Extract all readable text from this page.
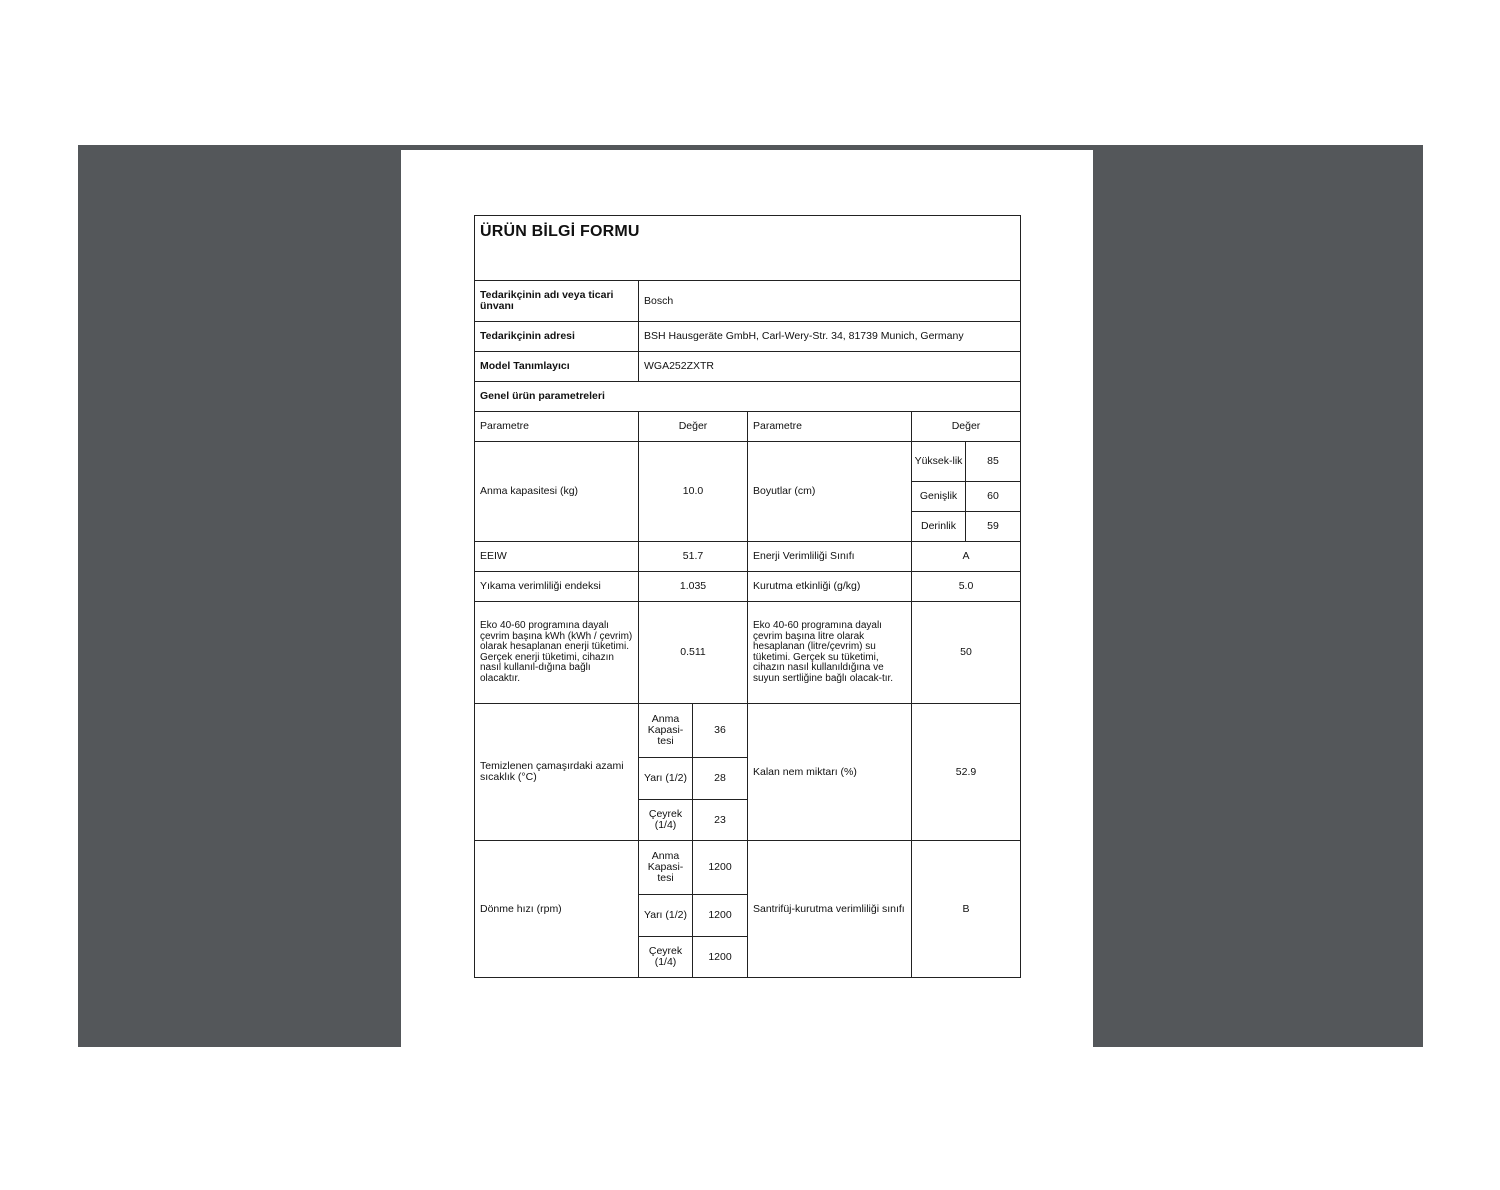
ÜRÜN BİLGİ FORMU					
Tedarikçinin adı veya ticari ünvanı	Bosch				
Tedarikçinin adresi	BSH Hausgeräte GmbH, Carl-Wery-Str. 34, 81739 Munich, Germany				
Model Tanımlayıcı	WGA252ZXTR				
Genel ürün parametreleri					
Parametre	Değer		Parametre	Değer	
Anma kapasitesi (kg)	10.0		Boyutlar (cm)	Yüksek-lik	85
				Genişlik	60
				Derinlik	59
EEIW	51.7		Enerji Verimliliği Sınıfı	A	
Yıkama verimliliği endeksi	1.035		Kurutma etkinliği (g/kg)	5.0	
Eko 40-60 programına dayalı çevrim başına kWh (kWh / çevrim) olarak hesaplanan enerji tüketimi. Gerçek enerji tüketimi, cihazın nasıl kullanıl-dığına bağlı olacaktır.	0.511		Eko 40-60 programına dayalı çevrim başına litre olarak hesaplanan (litre/çevrim) su tüketimi. Gerçek su tüketimi, cihazın nasıl kullanıldığına ve suyun sertliğine bağlı olacak-tır.	50	
Temizlenen çamaşırdaki azami sıcaklık (°C)	Anma Kapasi-tesi	36	Kalan nem miktarı (%)	52.9	
	Yarı (1/2)	28			
	Çeyrek (1/4)	23			
Dönme hızı (rpm)	Anma Kapasi-tesi	1200	Santrifüj-kurutma verimliliği sınıfı	B	
	Yarı (1/2)	1200			
	Çeyrek (1/4)	1200			
